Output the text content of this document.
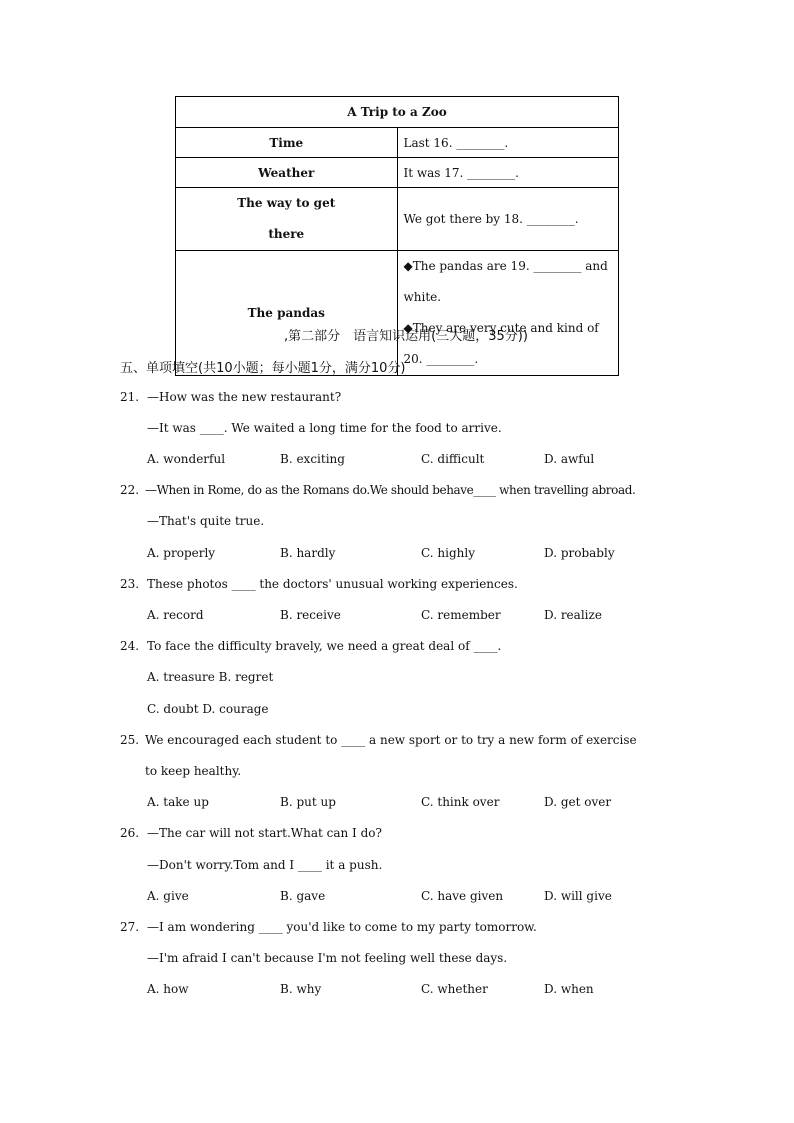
A Trip to a Zoo	
Time	Last 16. ________.
Weather	It was 17. ________.

The way to get
there	We got there by 18. ________.
The pandas	◆The pandas are 19. ________ and white.
◆They are very cute and kind of 20. ________.
,第二部分　语言知识运用(三大题，35分))
五、单项填空(共10小题；每小题1分，满分10分)
21. —How was the new restaurant?
—It was ____. We waited a long time for the food to arrive.
A. wonderful	B. exciting	C. difficult	D. awful
22. —When in Rome, do as the Romans do.We should behave____ when travelling abroad.
—That's quite true.
A. properly	B. hardly	C. highly	D. probably
23. These photos ____ the doctors' unusual working experiences.
A. record	B. receive	C. remember	D. realize
24. To face the difficulty bravely, we need a great deal of ____.
A. treasure B. regret
C. doubt D. courage
25. We encouraged each student to ____ a new sport or to try a new form of exercise
to keep healthy.
A. take up	B. put up	C. think over	D. get over
26. —The car will not start.What can I do?
—Don't worry.Tom and I ____ it a push.
A. give	B. gave	C. have given	D. will give
27. —I am wondering ____ you'd like to come to my party tomorrow.
—I'm afraid I can't because I'm not feeling well these days.
A. how	B. why	C. whether	D. when
